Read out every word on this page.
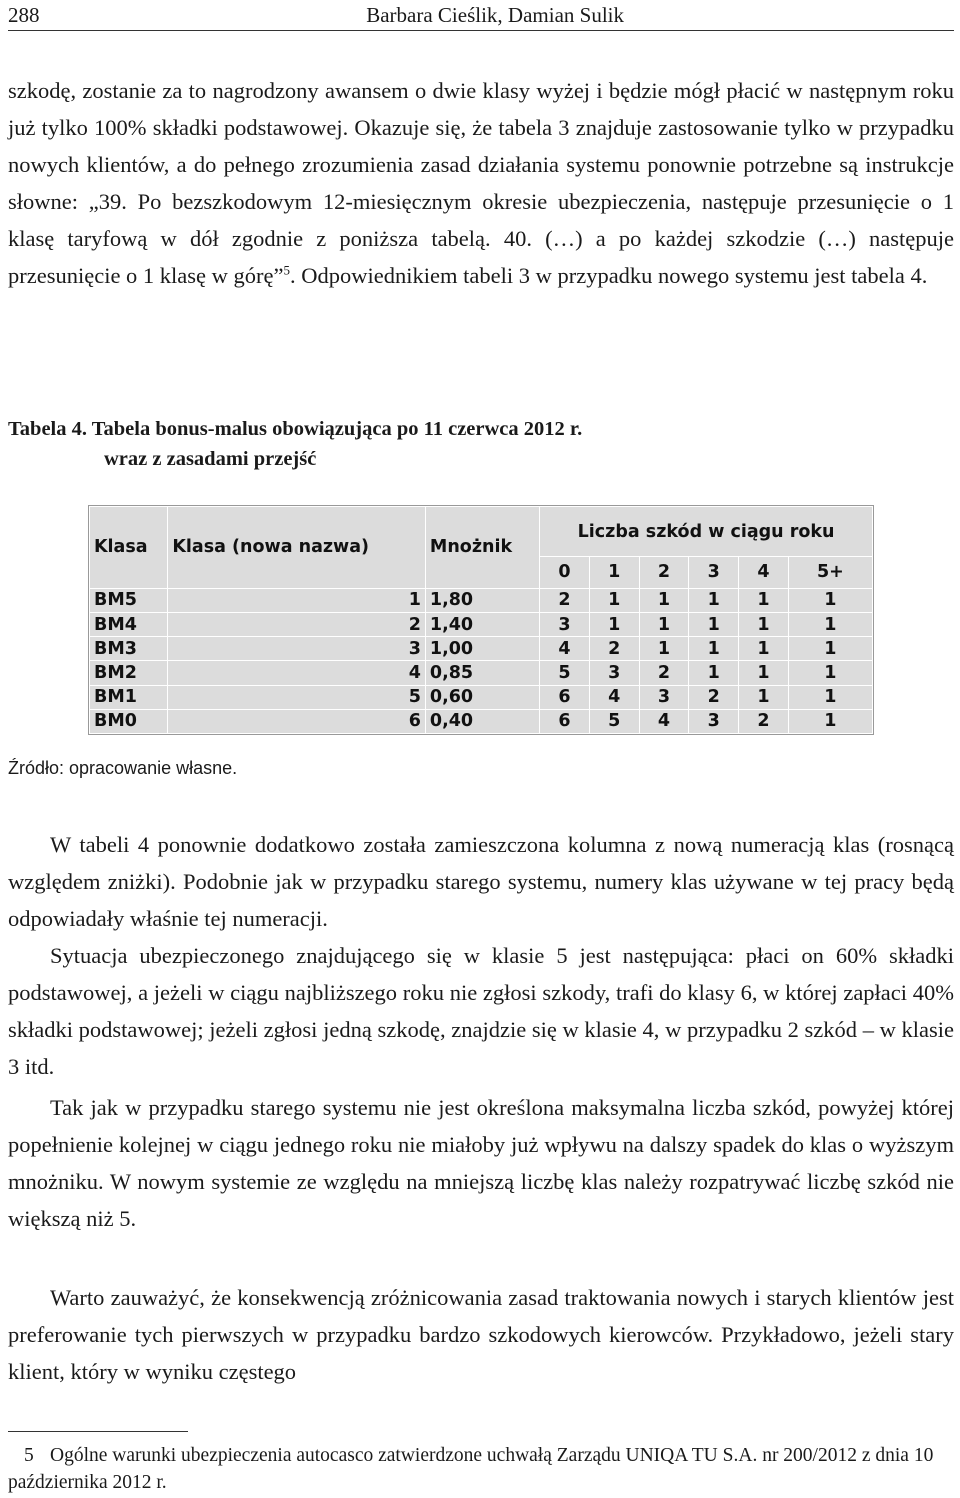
288	Barbara Cieślik, Damian Sulik

szkodę, zostanie za to nagrodzony awansem o dwie klasy wyżej i będzie mógł płacić w następnym roku już tylko 100% składki podstawowej. Okazuje się, że tabela 3 znajduje zastosowanie tylko w przypadku nowych klientów, a do pełnego zrozumienia zasad działania systemu ponownie potrzebne są instrukcje słowne: „39. Po bezszkodowym 12-miesięcznym okresie ubezpieczenia, następuje przesunięcie o 1 klasę taryfową w dół zgodnie z poniższa tabelą. 40. (…) a po każdej szkodzie (…) następuje przesunięcie o 1 klasę w górę”$^5$. Odpowiednikiem tabeli 3 w przypadku nowego systemu jest tabela 4.

Tabela 4. Tabela bonus-malus obowiązująca po 11 czerwca 2012 r.
wraz z zasadami przejść

Klasa	Klasa (nowa nazwa)	Mnożnik	Liczba szkód w ciągu roku					
			0	1	2	3	4	5+
BM5	1	1,80	2	1	1	1	1	1
BM4	2	1,40	3	1	1	1	1	1
BM3	3	1,00	4	2	1	1	1	1
BM2	4	0,85	5	3	2	1	1	1
BM1	5	0,60	6	4	3	2	1	1
BM0	6	0,40	6	5	4	3	2	1

Źródło: opracowanie własne.

W tabeli 4 ponownie dodatkowo została zamieszczona kolumna z nową numeracją klas (rosnącą względem zniżki). Podobnie jak w przypadku starego systemu, numery klas używane w tej pracy będą odpowiadały właśnie tej numeracji.

Sytuacja ubezpieczonego znajdującego się w klasie 5 jest następująca: płaci on 60% składki podstawowej, a jeżeli w ciągu najbliższego roku nie zgłosi szkody, trafi do klasy 6, w której zapłaci 40% składki podstawowej; jeżeli zgłosi jedną szkodę, znajdzie się w klasie 4, w przypadku 2 szkód – w klasie 3 itd.

Tak jak w przypadku starego systemu nie jest określona maksymalna liczba szkód, powyżej której popełnienie kolejnej w ciągu jednego roku nie miałoby już wpływu na dalszy spadek do klas o wyższym mnożniku. W nowym systemie ze względu na mniejszą liczbę klas należy rozpatrywać liczbę szkód nie większą niż 5.

Warto zauważyć, że konsekwencją zróżnicowania zasad traktowania nowych i starych klientów jest preferowanie tych pierwszych w przypadku bardzo szkodowych kierowców. Przykładowo, jeżeli stary klient, który w wyniku częstego

5 Ogólne warunki ubezpieczenia autocasco zatwierdzone uchwałą Zarządu UNIQA TU S.A. nr 200/2012 z dnia 10 października 2012 r.
